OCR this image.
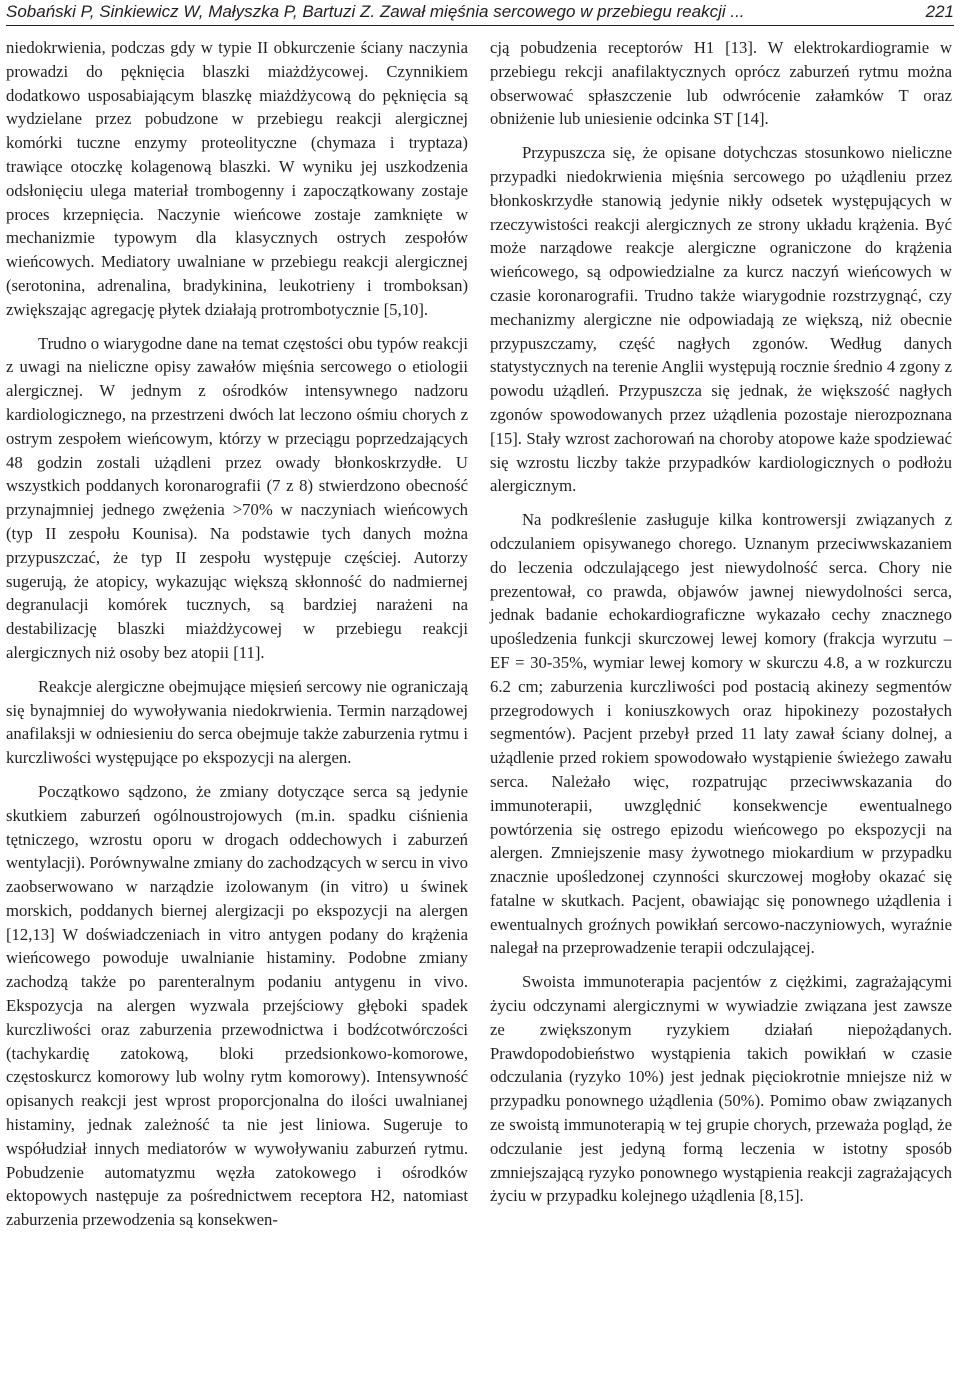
Sobański P, Sinkiewicz W, Małyszka P, Bartuzi Z. Zawał mięśnia sercowego w przebiegu reakcji ...	221

niedokrwienia, podczas gdy w typie II obkurczenie ściany naczynia prowadzi do pęknięcia blaszki miażdżycowej. Czynnikiem dodatkowo usposabiającym blaszkę miażdżycową do pęknięcia są wydzielane przez pobudzone w przebiegu reakcji alergicznej komórki tuczne enzymy proteolityczne (chymaza i tryptaza) trawiące otoczkę kolagenową blaszki. W wyniku jej uszkodzenia odsłonięciu ulega materiał trombogenny i zapoczątkowany zostaje proces krzepnięcia. Naczynie wieńcowe zostaje zamknięte w mechanizmie typowym dla klasycznych ostrych zespołów wieńcowych. Mediatory uwalniane w przebiegu reakcji alergicznej (serotonina, adrenalina, bradykinina, leukotrieny i tromboksan) zwiększając agregację płytek działają protrombotycznie [5,10].

Trudno o wiarygodne dane na temat częstości obu typów reakcji z uwagi na nieliczne opisy zawałów mięśnia sercowego o etiologii alergicznej. W jednym z ośrodków intensywnego nadzoru kardiologicznego, na przestrzeni dwóch lat leczono ośmiu chorych z ostrym zespołem wieńcowym, którzy w przeciągu poprzedzających 48 godzin zostali użądleni przez owady błonkoskrzydłe. U wszystkich poddanych koronarografii (7 z 8) stwierdzono obecność przynajmniej jednego zwężenia >70% w naczyniach wieńcowych (typ II zespołu Kounisa). Na podstawie tych danych można przypuszczać, że typ II zespołu występuje częściej. Autorzy sugerują, że atopicy, wykazując większą skłonność do nadmiernej degranulacji komórek tucznych, są bardziej narażeni na destabilizację blaszki miażdżycowej w przebiegu reakcji alergicznych niż osoby bez atopii [11].

Reakcje alergiczne obejmujące mięsień sercowy nie ograniczają się bynajmniej do wywoływania niedokrwienia. Termin narządowej anafilaksji w odniesieniu do serca obejmuje także zaburzenia rytmu i kurczliwości występujące po ekspozycji na alergen.

Początkowo sądzono, że zmiany dotyczące serca są jedynie skutkiem zaburzeń ogólnoustrojowych (m.in. spadku ciśnienia tętniczego, wzrostu oporu w drogach oddechowych i zaburzeń wentylacji). Porównywalne zmiany do zachodzących w sercu in vivo zaobserwowano w narządzie izolowanym (in vitro) u świnek morskich, poddanych biernej alergizacji po ekspozycji na alergen [12,13] W doświadczeniach in vitro antygen podany do krążenia wieńcowego powoduje uwalnianie histaminy. Podobne zmiany zachodzą także po parenteralnym podaniu antygenu in vivo. Ekspozycja na alergen wyzwala przejściowy głęboki spadek kurczliwości oraz zaburzenia przewodnictwa i bodźcotwórczości (tachykardię zatokową, bloki przedsionkowo-komorowe, częstoskurcz komorowy lub wolny rytm komorowy). Intensywność opisanych reakcji jest wprost proporcjonalna do ilości uwalnianej histaminy, jednak zależność ta nie jest liniowa. Sugeruje to współudział innych mediatorów w wywoływaniu zaburzeń rytmu. Pobudzenie automatyzmu węzła zatokowego i ośrodków ektopowych następuje za pośrednictwem receptora H2, natomiast zaburzenia przewodzenia są konsekwen-

cją pobudzenia receptorów H1 [13]. W elektrokardiogramie w przebiegu rekcji anafilaktycznych oprócz zaburzeń rytmu można obserwować spłaszczenie lub odwrócenie załamków T oraz obniżenie lub uniesienie odcinka ST [14].

Przypuszcza się, że opisane dotychczas stosunkowo nieliczne przypadki niedokrwienia mięśnia sercowego po użądleniu przez błonkoskrzydłe stanowią jedynie nikły odsetek występujących w rzeczywistości reakcji alergicznych ze strony układu krążenia. Być może narządowe reakcje alergiczne ograniczone do krążenia wieńcowego, są odpowiedzialne za kurcz naczyń wieńcowych w czasie koronarografii. Trudno także wiarygodnie rozstrzygnąć, czy mechanizmy alergiczne nie odpowiadają ze większą, niż obecnie przypuszczamy, część nagłych zgonów. Według danych statystycznych na terenie Anglii występują rocznie średnio 4 zgony z powodu użądleń. Przypuszcza się jednak, że większość nagłych zgonów spowodowanych przez użądlenia pozostaje nierozpoznana [15]. Stały wzrost zachorowań na choroby atopowe każe spodziewać się wzrostu liczby także przypadków kardiologicznych o podłożu alergicznym.

Na podkreślenie zasługuje kilka kontrowersji związanych z odczulaniem opisywanego chorego. Uznanym przeciwwskazaniem do leczenia odczulającego jest niewydolność serca. Chory nie prezentował, co prawda, objawów jawnej niewydolności serca, jednak badanie echokardiograficzne wykazało cechy znacznego upośledzenia funkcji skurczowej lewej komory (frakcja wyrzutu – EF = 30-35%, wymiar lewej komory w skurczu 4.8, a w rozkurczu 6.2 cm; zaburzenia kurczliwości pod postacią akinezy segmentów przegrodowych i koniuszkowych oraz hipokinezy pozostałych segmentów). Pacjent przebył przed 11 laty zawał ściany dolnej, a użądlenie przed rokiem spowodowało wystąpienie świeżego zawału serca. Należało więc, rozpatrując przeciwwskazania do immunoterapii, uwzględnić konsekwencje ewentualnego powtórzenia się ostrego epizodu wieńcowego po ekspozycji na alergen. Zmniejszenie masy żywotnego miokardium w przypadku znacznie upośledzonej czynności skurczowej mogłoby okazać się fatalne w skutkach. Pacjent, obawiając się ponownego użądlenia i ewentualnych groźnych powikłań sercowo-naczyniowych, wyraźnie nalegał na przeprowadzenie terapii odczulającej.

Swoista immunoterapia pacjentów z ciężkimi, zagrażającymi życiu odczynami alergicznymi w wywiadzie związana jest zawsze ze zwiększonym ryzykiem działań niepożądanych. Prawdopodobieństwo wystąpienia takich powikłań w czasie odczulania (ryzyko 10%) jest jednak pięciokrotnie mniejsze niż w przypadku ponownego użądlenia (50%). Pomimo obaw związanych ze swoistą immunoterapią w tej grupie chorych, przeważa pogląd, że odczulanie jest jedyną formą leczenia w istotny sposób zmniejszającą ryzyko ponownego wystąpienia reakcji zagrażających życiu w przypadku kolejnego użądlenia [8,15].
